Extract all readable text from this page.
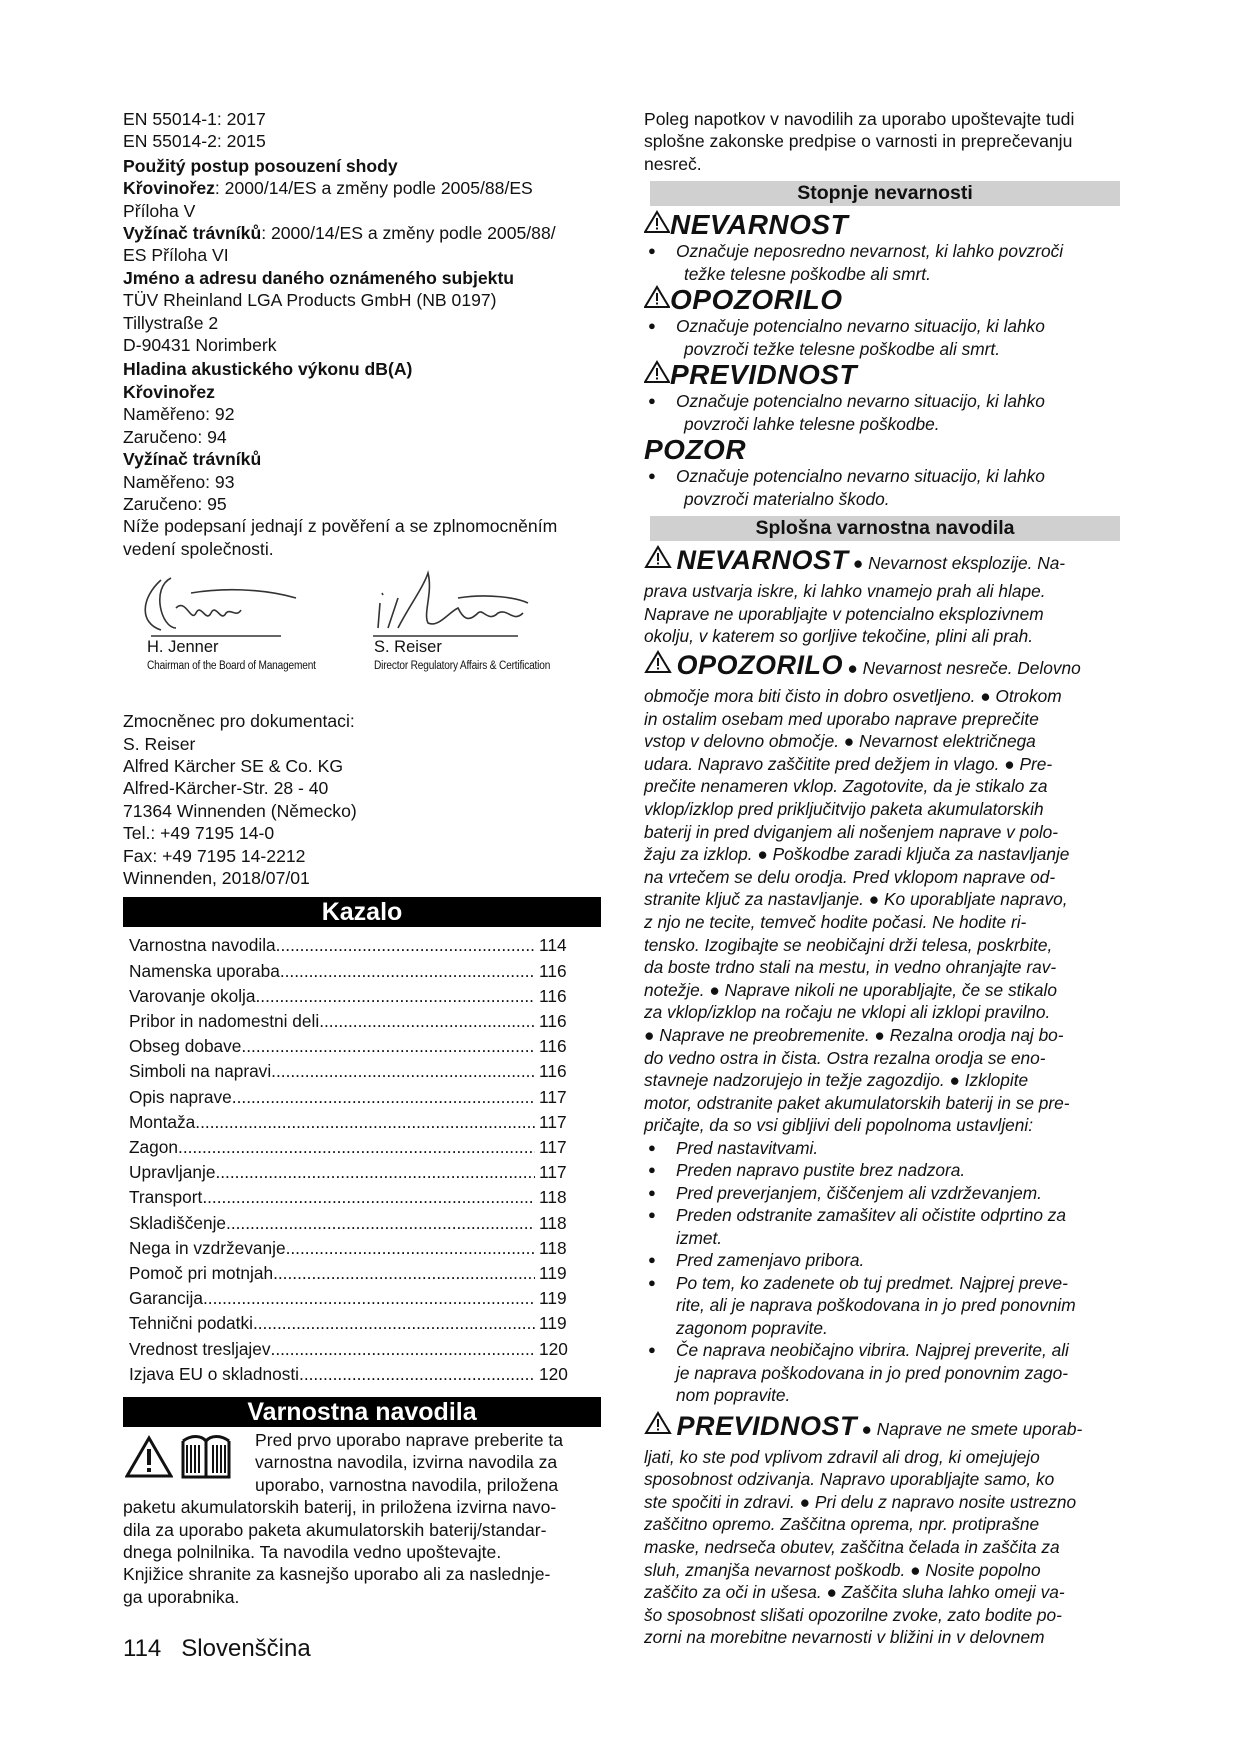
EN 55014-1: 2017
EN 55014-2: 2015
Použitý postup posouzení shody
Křovinořez: 2000/14/ES a změny podle 2005/88/ES
Příloha V
Vyžínač trávníků: 2000/14/ES a změny podle 2005/88/
ES Příloha VI
Jméno a adresu daného oznámeného subjektu
TÜV Rheinland LGA Products GmbH (NB 0197)
Tillystraße 2
D-90431 Norimberk
Hladina akustického výkonu dB(A)
Křovinořez
Naměřeno: 92
Zaručeno: 94
Vyžínač trávníků
Naměřeno: 93
Zaručeno: 95
Níže podepsaní jednají z pověření a se zplnomocněním
vedení společnosti.
H. Jenner
Chairman of the Board of Management
S. Reiser
Director Regulatory Affairs & Certification
Zmocněnec pro dokumentaci:
S. Reiser
Alfred Kärcher SE & Co. KG
Alfred-Kärcher-Str. 28 - 40
71364 Winnenden (Německo)
Tel.: +49 7195 14-0
Fax: +49 7195 14-2212
Winnenden, 2018/07/01
Kazalo
Varnostna navodila .....	114
Namenska uporaba .....	116
Varovanje okolja .....	116
Pribor in nadomestni deli .....	116
Obseg dobave .....	116
Simboli na napravi .....	116
Opis naprave .....	117
Montaža .....	117
Zagon .....	117
Upravljanje .....	117
Transport .....	118
Skladiščenje .....	118
Nega in vzdrževanje .....	118
Pomoč pri motnjah .....	119
Garancija .....	119
Tehnični podatki .....	119
Vrednost tresljajev .....	120
Izjava EU o skladnosti .....	120
Varnostna navodila
Pred prvo uporabo naprave preberite ta
varnostna navodila, izvirna navodila za
uporabo, varnostna navodila, priložena
paketu akumulatorskih baterij, in priložena izvirna navo-
dila za uporabo paketa akumulatorskih baterij/standar-
dnega polnilnika. Ta navodila vedno upoštevajte.
Knjižice shranite za kasnejšo uporabo ali za naslednje-
ga uporabnika.
Poleg napotkov v navodilih za uporabo upoštevajte tudi
splošne zakonske predpise o varnosti in preprečevanju
nesreč.
Stopnje nevarnosti
NEVARNOST
● Označuje neposredno nevarnost, ki lahko povzroči
težke telesne poškodbe ali smrt.
OPOZORILO
● Označuje potencialno nevarno situacijo, ki lahko
povzroči težke telesne poškodbe ali smrt.
PREVIDNOST
● Označuje potencialno nevarno situacijo, ki lahko
povzroči lahke telesne poškodbe.
POZOR
● Označuje potencialno nevarno situacijo, ki lahko
povzroči materialno škodo.
Splošna varnostna navodila
NEVARNOST ● Nevarnost eksplozije. Na-
prava ustvarja iskre, ki lahko vnamejo prah ali hlape.
Naprave ne uporabljajte v potencialno eksplozivnem
okolju, v katerem so gorljive tekočine, plini ali prah.
OPOZORILO ● Nevarnost nesreče. Delovno
območje mora biti čisto in dobro osvetljeno. ● Otrokom
in ostalim osebam med uporabo naprave preprečite
vstop v delovno območje. ● Nevarnost električnega
udara. Napravo zaščitite pred dežjem in vlago. ● Pre-
prečite nenameren vklop. Zagotovite, da je stikalo za
vklop/izklop pred priključitvijo paketa akumulatorskih
baterij in pred dviganjem ali nošenjem naprave v polo-
žaju za izklop. ● Poškodbe zaradi ključa za nastavljanje
na vrtečem se delu orodja. Pred vklopom naprave od-
stranite ključ za nastavljanje. ● Ko uporabljate napravo,
z njo ne tecite, temveč hodite počasi. Ne hodite ri-
tensko. Izogibajte se neobičajni drži telesa, poskrbite,
da boste trdno stali na mestu, in vedno ohranjajte rav-
notežje. ● Naprave nikoli ne uporabljajte, če se stikalo
za vklop/izklop na ročaju ne vklopi ali izklopi pravilno.
● Naprave ne preobremenite. ● Rezalna orodja naj bo-
do vedno ostra in čista. Ostra rezalna orodja se eno-
stavneje nadzorujejo in težje zagozdijo. ● Izklopite
motor, odstranite paket akumulatorskih baterij in se pre-
pričajte, da so vsi gibljivi deli popolnoma ustavljeni:
● Pred nastavitvami.
● Preden napravo pustite brez nadzora.
● Pred preverjanjem, čiščenjem ali vzdrževanjem.
● Preden odstranite zamašitev ali očistite odprtino za
izmet.
● Pred zamenjavo pribora.
● Po tem, ko zadenete ob tuj predmet. Najprej preve-
rite, ali je naprava poškodovana in jo pred ponovnim
zagonom popravite.
● Če naprava neobičajno vibrira. Najprej preverite, ali
je naprava poškodovana in jo pred ponovnim zago-
nom popravite.
PREVIDNOST ● Naprave ne smete uporab-
ljati, ko ste pod vplivom zdravil ali drog, ki omejujejo
sposobnost odzivanja. Napravo uporabljajte samo, ko
ste spočiti in zdravi. ● Pri delu z napravo nosite ustrezno
zaščitno opremo. Zaščitna oprema, npr. protiprašne
maske, nedrseča obutev, zaščitna čelada in zaščita za
sluh, zmanjša nevarnost poškodb. ● Nosite popolno
zaščito za oči in ušesa. ● Zaščita sluha lahko omeji va-
šo sposobnost slišati opozorilne zvoke, zato bodite po-
zorni na morebitne nevarnosti v bližini in v delovnem
114 Slovenščina
